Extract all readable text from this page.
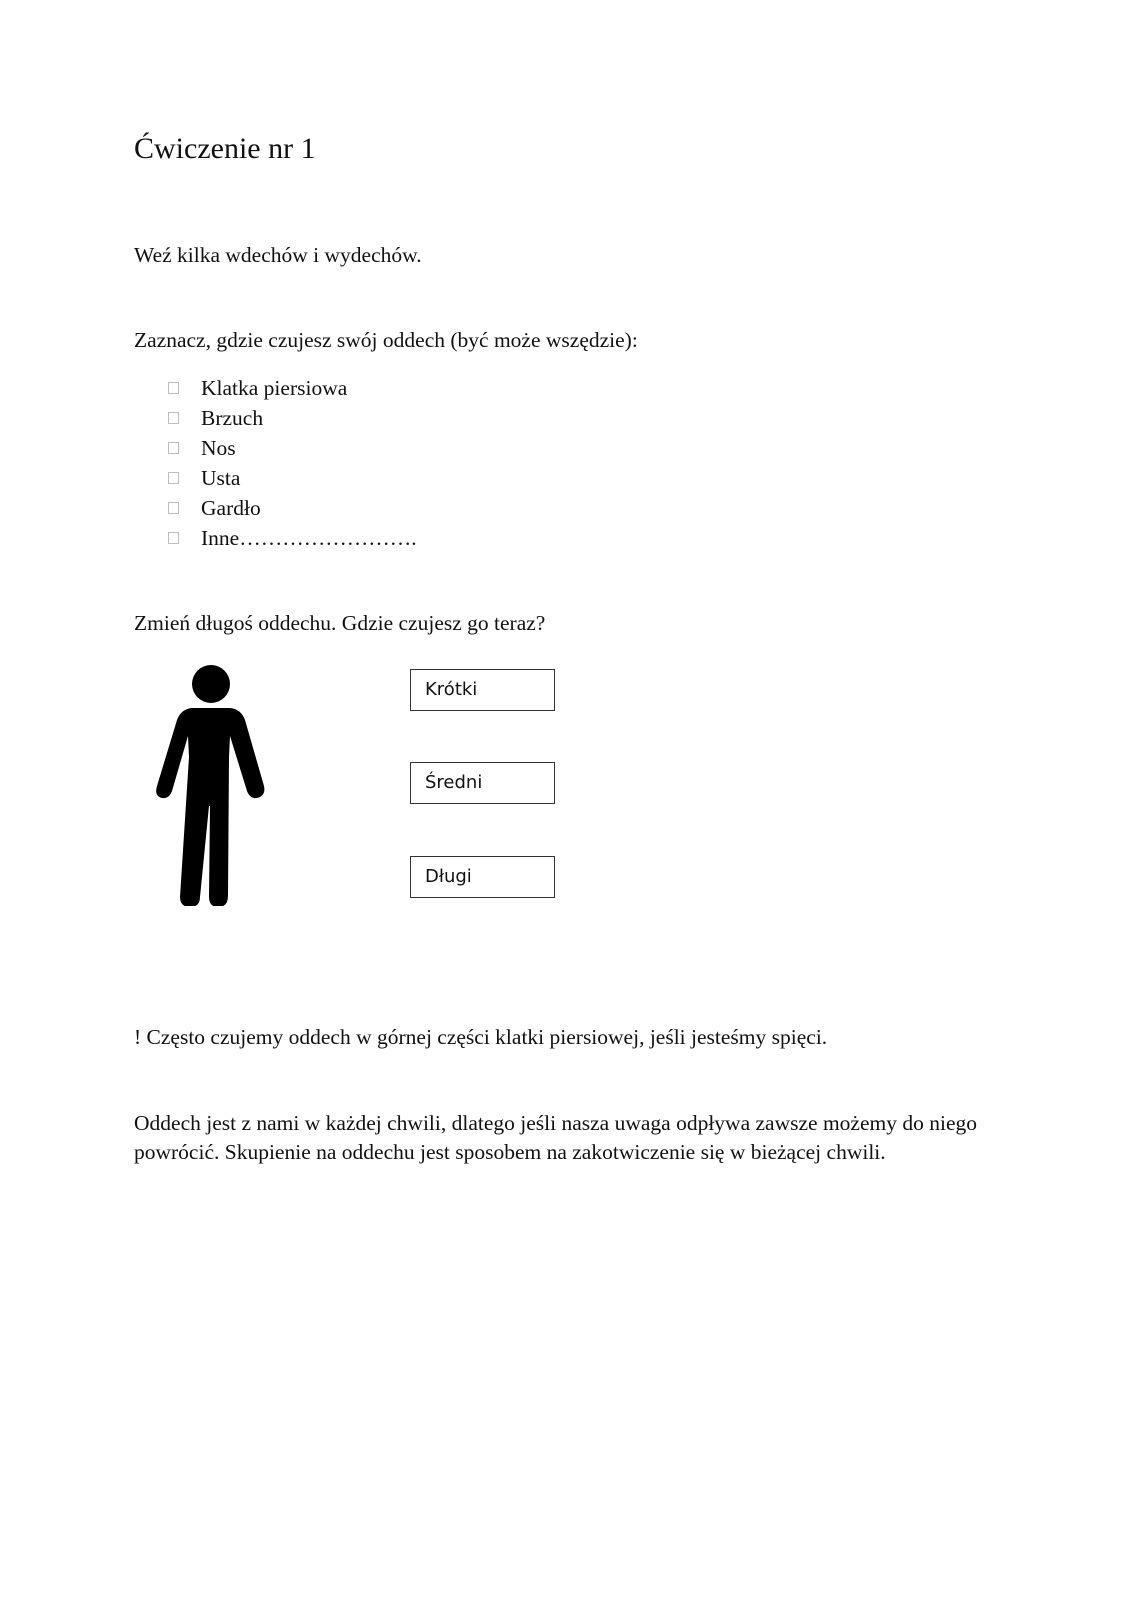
Ćwiczenie nr 1

Weź kilka wdechów i wydechów.

Zaznacz, gdzie czujesz swój oddech (być może wszędzie):

Klatka piersiowa
Brzuch
Nos
Usta
Gardło
Inne…………………….

Zmień długoś oddechu. Gdzie czujesz go teraz?

Krótki
Średni
Długi

! Często czujemy oddech w górnej części klatki piersiowej, jeśli jesteśmy spięci.

Oddech jest z nami w każdej chwili, dlatego jeśli nasza uwaga odpływa zawsze możemy do niego powrócić. Skupienie na oddechu jest sposobem na zakotwiczenie się w bieżącej chwili.
